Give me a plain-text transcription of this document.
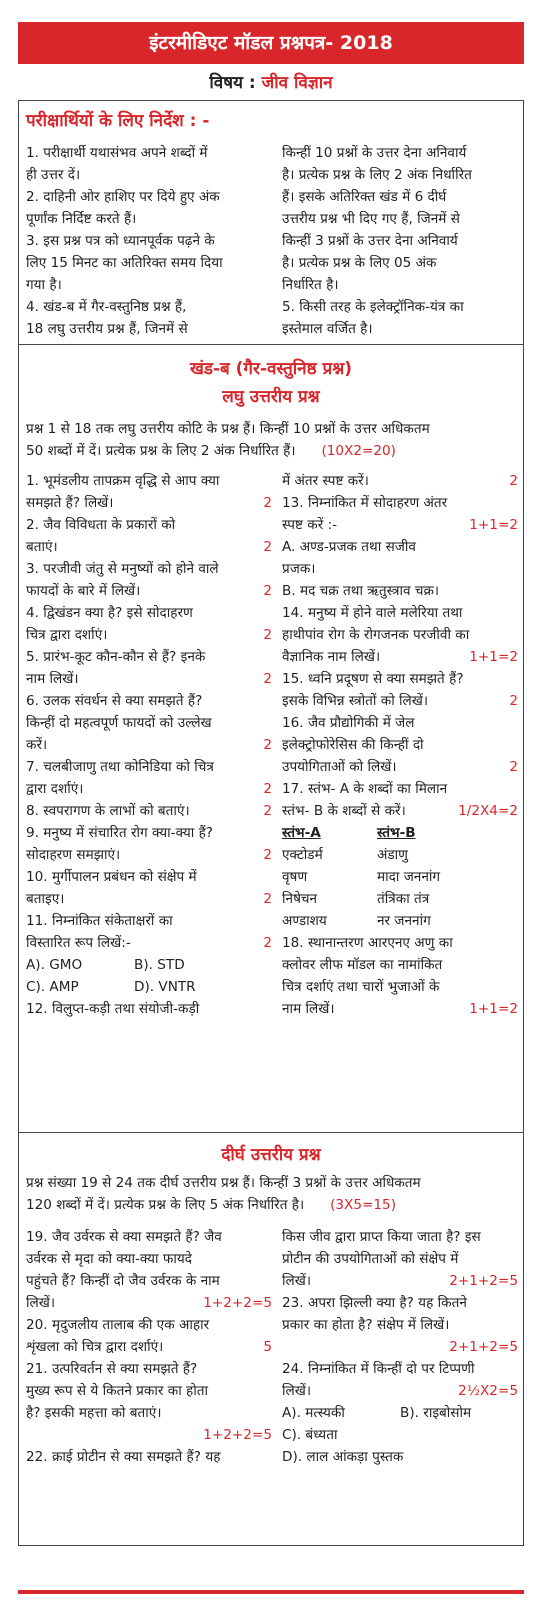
इंटरमीडिएट मॉडल प्रश्नपत्र- 2018
विषय : जीव विज्ञान
परीक्षार्थियों के लिए निर्देश : -
1. परीक्षार्थी यथासंभव अपने शब्दों में
ही उत्तर दें।
2. दाहिनी ओर हाशिए पर दिये हुए अंक
पूर्णांक निर्दिष्ट करते हैं।
3. इस प्रश्न पत्र को ध्यानपूर्वक पढ़ने के
लिए 15 मिनट का अतिरिक्त समय दिया
गया है।
4. खंड-ब में गैर-वस्तुनिष्ठ प्रश्न हैं,
18 लघु उत्तरीय प्रश्न हैं, जिनमें से
किन्हीं 10 प्रश्नों के उत्तर देना अनिवार्य
है। प्रत्येक प्रश्न के लिए 2 अंक निर्धारित
हैं। इसके अतिरिक्त खंड में 6 दीर्घ
उत्तरीय प्रश्न भी दिए गए हैं, जिनमें से
किन्हीं 3 प्रश्नों के उत्तर देना अनिवार्य
है। प्रत्येक प्रश्न के लिए 05 अंक
निर्धारित है।
5. किसी तरह के इलेक्ट्रॉनिक-यंत्र का
इस्तेमाल वर्जित है।
खंड-ब (गैर-वस्तुनिष्ठ प्रश्न)
लघु उत्तरीय प्रश्न
प्रश्न 1 से 18 तक लघु उत्तरीय कोटि के प्रश्न हैं। किन्हीं 10 प्रश्नों के उत्तर अधिकतम
50 शब्दों में दें। प्रत्येक प्रश्न के लिए 2 अंक निर्धारित हैं। (10X2=20)
1. भूमंडलीय तापक्रम वृद्धि से आप क्या
2
समझते हैं? लिखें।
2. जैव विविधता के प्रकारों को
2
बताएं।
3. परजीवी जंतु से मनुष्यों को होने वाले
2
फायदों के बारे में लिखें।
4. द्विखंडन क्या है? इसे सोदाहरण
2
चित्र द्वारा दर्शाएं।
5. प्रारंभ-कूट कौन-कौन से हैं? इनके
2
नाम लिखें।
6. उलक संवर्धन से क्या समझते हैं?
किन्हीं दो महत्वपूर्ण फायदों को उल्लेख
2
करें।
7. चलबीजाणु तथा कोनिडिया को चित्र
2
द्वारा दर्शाएं।
2
8. स्वपरागण के लाभों को बताएं।
9. मनुष्य में संचारित रोग क्या-क्या हैं?
2
सोदाहरण समझाएं।
10. मुर्गीपालन प्रबंधन को संक्षेप में
2
बताइए।
11. निम्नांकित संकेताक्षरों का
2
विस्तारित रूप लिखें:-
A). GMO	B). STD
C). AMP	D). VNTR
12. विलुप्त-कड़ी तथा संयोजी-कड़ी
2
में अंतर स्पष्ट करें।
13. निम्नांकित में सोदाहरण अंतर
1+1=2
स्पष्ट करें :-
A. अण्ड-प्रजक तथा सजीव
प्रजक।
B. मद चक्र तथा ऋतुस्त्राव चक्र।
14. मनुष्य में होने वाले मलेरिया तथा
हाथीपांव रोग के रोगजनक परजीवी का
1+1=2
वैज्ञानिक नाम लिखें।
15. ध्वनि प्रदूषण से क्या समझते हैं?
2
इसके विभिन्न स्त्रोतों को लिखें।
16. जैव प्रौद्योगिकी में जेल
इलेक्ट्रोफोरेसिस की किन्हीं दो
2
उपयोगिताओं को लिखें।
17. स्तंभ- A के शब्दों का मिलान
1/2X4=2
स्तंभ- B के शब्दों से करें।
स्तंभ-A	स्तंभ-B
एक्टोडर्म	अंडाणु
वृषण	मादा जननांग
निषेचन	तंत्रिका तंत्र
अण्डाशय	नर जननांग
18. स्थानान्तरण आरएनए अणु का
क्लोवर लीफ मॉडल का नामांकित
चित्र दर्शाएं तथा चारों भुजाओं के
1+1=2
नाम लिखें।
दीर्घ उत्तरीय प्रश्न
प्रश्न संख्या 19 से 24 तक दीर्घ उत्तरीय प्रश्न हैं। किन्हीं 3 प्रश्नों के उत्तर अधिकतम
120 शब्दों में दें। प्रत्येक प्रश्न के लिए 5 अंक निर्धारित है। (3X5=15)
19. जैव उर्वरक से क्या समझते हैं? जैव
उर्वरक से मृदा को क्या-क्या फायदे
पहुंचते हैं? किन्हीं दो जैव उर्वरक के नाम
1+2+2=5
लिखें।
20. मृदुजलीय तालाब की एक आहार
5
शृंखला को चित्र द्वारा दर्शाएं।
21. उत्परिवर्तन से क्या समझते हैं?
मुख्य रूप से ये कितने प्रकार का होता
है? इसकी महत्ता को बताएं।
1+2+2=5
22. क्राई प्रोटीन से क्या समझते हैं? यह
किस जीव द्वारा प्राप्त किया जाता है? इस
प्रोटीन की उपयोगिताओं को संक्षेप में
2+1+2=5
लिखें।
23. अपरा झिल्ली क्या है? यह कितने
प्रकार का होता है? संक्षेप में लिखें।
2+1+2=5
24. निम्नांकित में किन्हीं दो पर टिप्पणी
2½X2=5
लिखें।
A). मत्स्यकी	B). राइबोसोम
C). बंध्यता
D). लाल आंकड़ा पुस्तक
